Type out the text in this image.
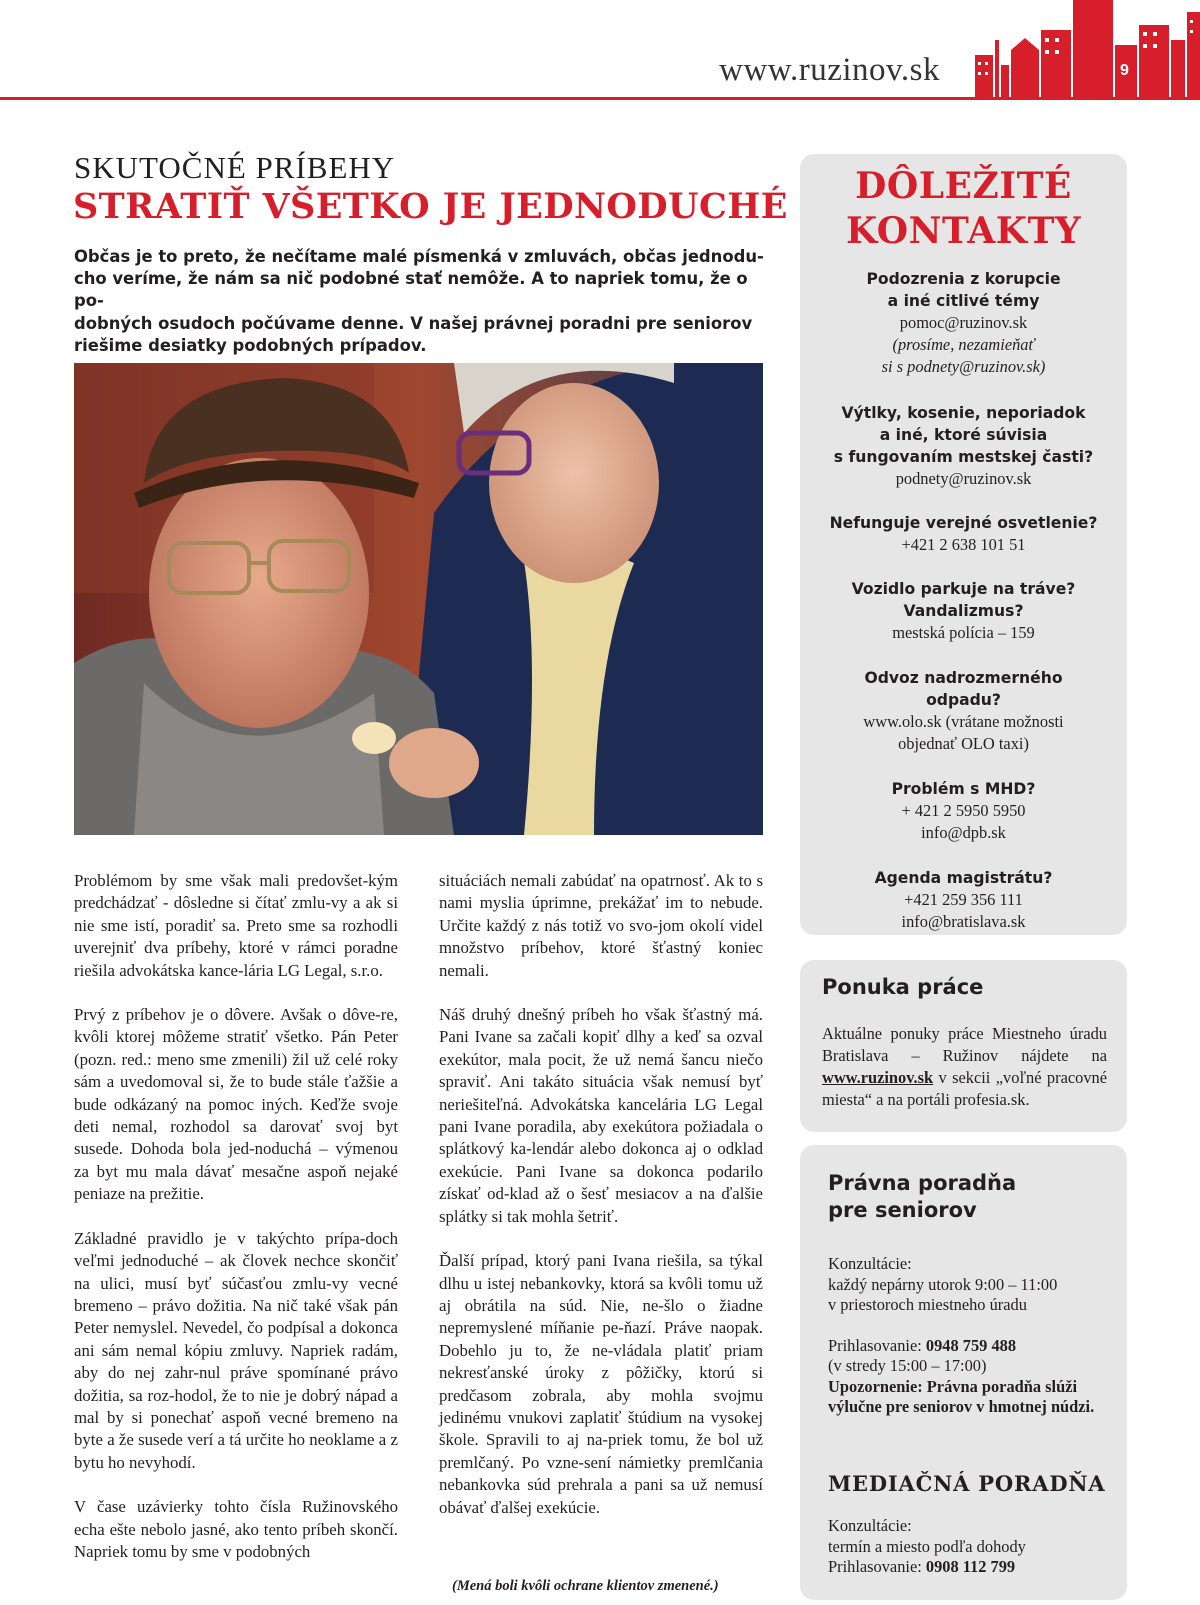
www.ruzinov.sk	9
SKUTOČNÉ PRÍBEHY
STRATIŤ VŠETKO JE JEDNODUCHÉ
Občas je to preto, že nečítame malé písmenká v zmluvách, občas jednodu-
cho veríme, že nám sa nič podobné stať nemôže. A to napriek tomu, že o po-
dobných osudoch počúvame denne. V našej právnej poradni pre seniorov
riešime desiatky podobných prípadov.

Problémom by sme však mali predovšet-kým predchádzať - dôsledne si čítať zmlu-vy a ak si nie sme istí, poradiť sa. Preto sme sa rozhodli uverejniť dva príbehy, ktoré v rámci poradne riešila advokátska kance-lária LG Legal, s.r.o.

Prvý z príbehov je o dôvere. Avšak o dôve-re, kvôli ktorej môžeme stratiť všetko. Pán Peter (pozn. red.: meno sme zmenili) žil už celé roky sám a uvedomoval si, že to bude stále ťažšie a bude odkázaný na pomoc iných. Keďže svoje deti nemal, rozhodol sa darovať svoj byt susede. Dohoda bola jed-noduchá – výmenou za byt mu mala dávať mesačne aspoň nejaké peniaze na prežitie.

Základné pravidlo je v takýchto prípa-doch veľmi jednoduché – ak človek nechce skončiť na ulici, musí byť súčasťou zmlu-vy vecné bremeno – právo dožitia. Na nič také však pán Peter nemyslel. Nevedel, čo podpísal a dokonca ani sám nemal kópiu zmluvy. Napriek radám, aby do nej zahr-nul práve spomínané právo dožitia, sa roz-hodol, že to nie je dobrý nápad a mal by si ponechať aspoň vecné bremeno na byte a že susede verí a tá určite ho neoklame a z bytu ho nevyhodí.

V čase uzávierky tohto čísla Ružinovského echa ešte nebolo jasné, ako tento príbeh skončí. Napriek tomu by sme v podobných

situáciách nemali zabúdať na opatrnosť. Ak to s nami myslia úprimne, prekážať im to nebude. Určite každý z nás totiž vo svo-jom okolí videl množstvo príbehov, ktoré šťastný koniec nemali.

Náš druhý dnešný príbeh ho však šťastný má. Pani Ivane sa začali kopiť dlhy a keď sa ozval exekútor, mala pocit, že už nemá šancu niečo spraviť. Ani takáto situácia však nemusí byť neriešiteľná. Advokátska kancelária LG Legal pani Ivane poradila, aby exekútora požiadala o splátkový ka-lendár alebo dokonca aj o odklad exekúcie. Pani Ivane sa dokonca podarilo získať od-klad až o šesť mesiacov a na ďalšie splátky si tak mohla šetriť.

Ďalší prípad, ktorý pani Ivana riešila, sa týkal dlhu u istej nebankovky, ktorá sa kvôli tomu už aj obrátila na súd. Nie, ne-šlo o žiadne nepremyslené míňanie pe-ňazí. Práve naopak. Dobehlo ju to, že ne-vládala platiť priam nekresťanské úroky z pôžičky, ktorú si predčasom zobrala, aby mohla svojmu jedinému vnukovi zaplatiť štúdium na vysokej škole. Spravili to aj na-priek tomu, že bol už premlčaný. Po vzne-sení námietky premlčania nebankovka súd prehrala a pani sa už nemusí obávať ďalšej exekúcie.

(Mená boli kvôli ochrane klientov zmenené.)
DÔLEŽITÉ
KONTAKTY
Podozrenia z korupcie
a iné citlivé témy
pomoc@ruzinov.sk
(prosíme, nezamieňať
si s podnety@ruzinov.sk)
Výtlky, kosenie, neporiadok
a iné, ktoré súvisia
s fungovaním mestskej časti?
podnety@ruzinov.sk
Nefunguje verejné osvetlenie?
+421 2 638 101 51
Vozidlo parkuje na tráve?
Vandalizmus?
mestská polícia – 159
Odvoz nadrozmerného
odpadu?
www.olo.sk (vrátane možnosti
objednať OLO taxi)
Problém s MHD?
+ 421 2 5950 5950
info@dpb.sk
Agenda magistrátu?
+421 259 356 111
info@bratislava.sk
Ponuka práce
Aktuálne ponuky práce Miestneho úradu Bratislava – Ružinov nájdete na www.ruzinov.sk v sekcii „voľné pracovné miesta“ a na portáli profesia.sk.
Právna poradňa
pre seniorov
Konzultácie:
každý nepárny utorok 9:00 – 11:00
v priestoroch miestneho úradu
Prihlasovanie: 0948 759 488
(v stredy 15:00 – 17:00)
Upozornenie: Právna poradňa slúži výlučne pre seniorov v hmotnej núdzi.
MEDIAČNÁ PORADŇA
Konzultácie:
termín a miesto podľa dohody
Prihlasovanie: 0908 112 799
